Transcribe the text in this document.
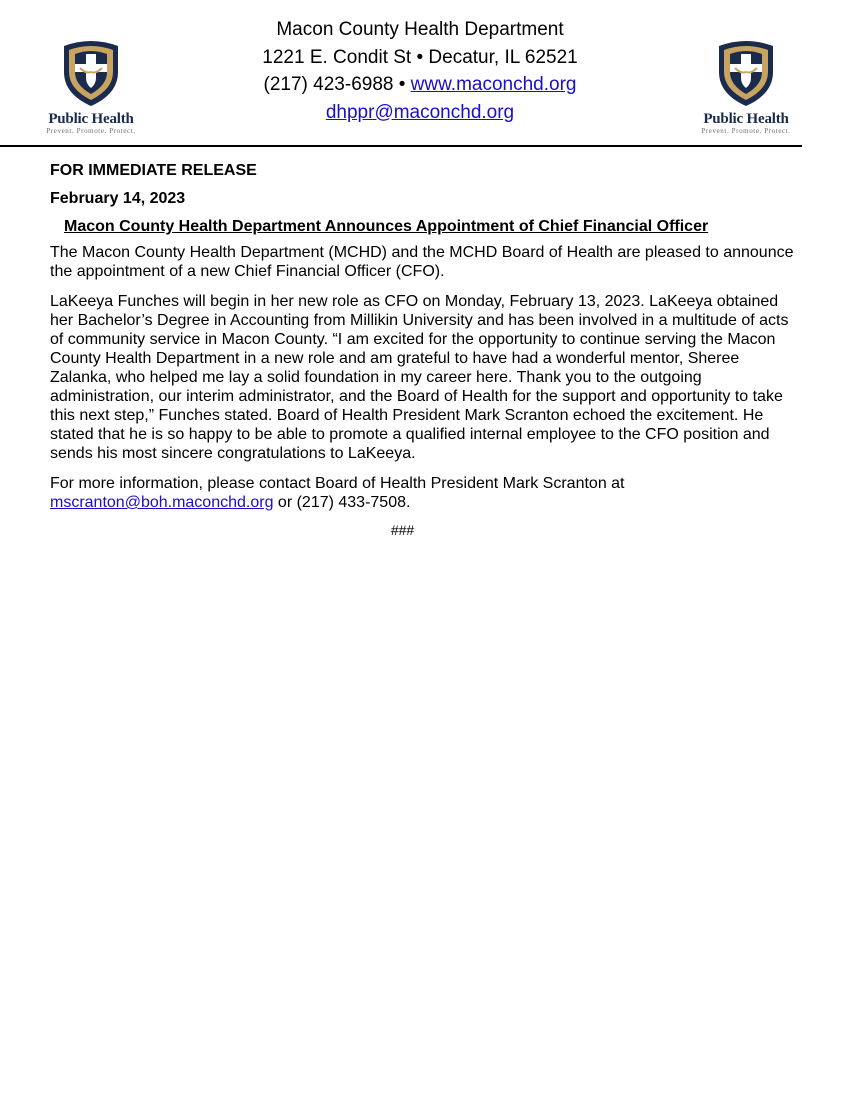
Public Health
Prevent. Promote. Protect.
Macon County Health Department
1221 E. Condit St • Decatur, IL 62521
(217) 423-6988 • www.maconchd.org
dhppr@maconchd.org	Public Health
Prevent. Promote. Protect.

FOR IMMEDIATE RELEASE

February 14, 2023

Macon County Health Department Announces Appointment of Chief Financial Officer

The Macon County Health Department (MCHD) and the MCHD Board of Health are pleased to announce the appointment of a new Chief Financial Officer (CFO).

LaKeeya Funches will begin in her new role as CFO on Monday, February 13, 2023. LaKeeya obtained her Bachelor’s Degree in Accounting from Millikin University and has been involved in a multitude of acts of community service in Macon County. “I am excited for the opportunity to continue serving the Macon County Health Department in a new role and am grateful to have had a wonderful mentor, Sheree Zalanka, who helped me lay a solid foundation in my career here. Thank you to the outgoing administration, our interim administrator, and the Board of Health for the support and opportunity to take this next step,” Funches stated. Board of Health President Mark Scranton echoed the excitement. He stated that he is so happy to be able to promote a qualified internal employee to the CFO position and sends his most sincere congratulations to LaKeeya.

For more information, please contact Board of Health President Mark Scranton at mscranton@boh.maconchd.org or (217) 433-7508.

###
